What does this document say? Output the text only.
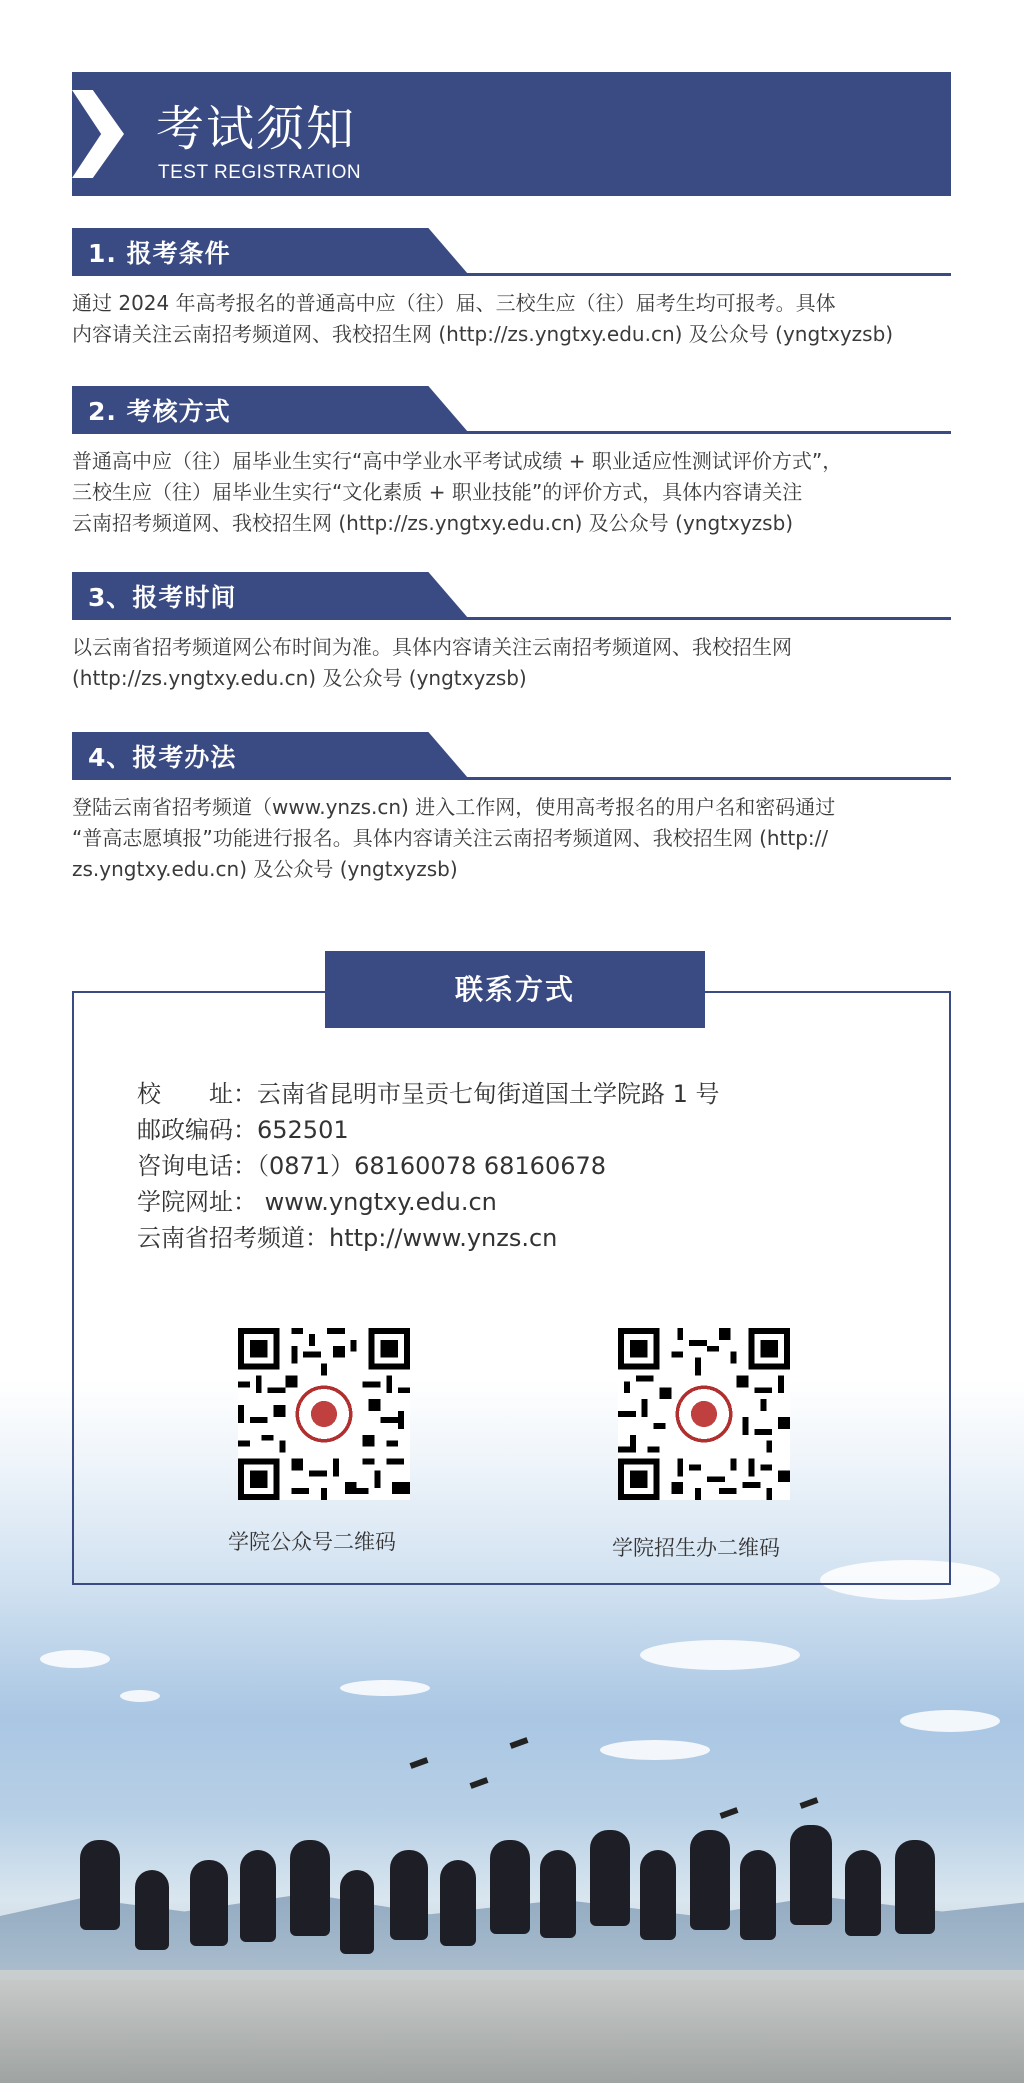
考试须知
TEST REGISTRATION
1. 报考条件
通过 2024 年高考报名的普通高中应（往）届、三校生应（往）届考生均可报考。具体
内容请关注云南招考频道网、我校招生网 (http://zs.yngtxy.edu.cn) 及公众号 (yngtxyzsb)
2. 考核方式
普通高中应（往）届毕业生实行“高中学业水平考试成绩 + 职业适应性测试评价方式”，
三校生应（往）届毕业生实行“文化素质 + 职业技能”的评价方式，具体内容请关注
云南招考频道网、我校招生网 (http://zs.yngtxy.edu.cn) 及公众号 (yngtxyzsb)
3、报考时间
以云南省招考频道网公布时间为准。具体内容请关注云南招考频道网、我校招生网
(http://zs.yngtxy.edu.cn) 及公众号 (yngtxyzsb)
4、报考办法
登陆云南省招考频道（www.ynzs.cn) 进入工作网，使用高考报名的用户名和密码通过
“普高志愿填报”功能进行报名。具体内容请关注云南招考频道网、我校招生网 (http://
zs.yngtxy.edu.cn) 及公众号 (yngtxyzsb)
联系方式
校　　址：云南省昆明市呈贡七甸街道国土学院路 1 号
邮政编码：652501
咨询电话：（0871）68160078 68160678
学院网址： www.yngtxy.edu.cn
云南省招考频道：http://www.ynzs.cn
学院公众号二维码	学院招生办二维码
